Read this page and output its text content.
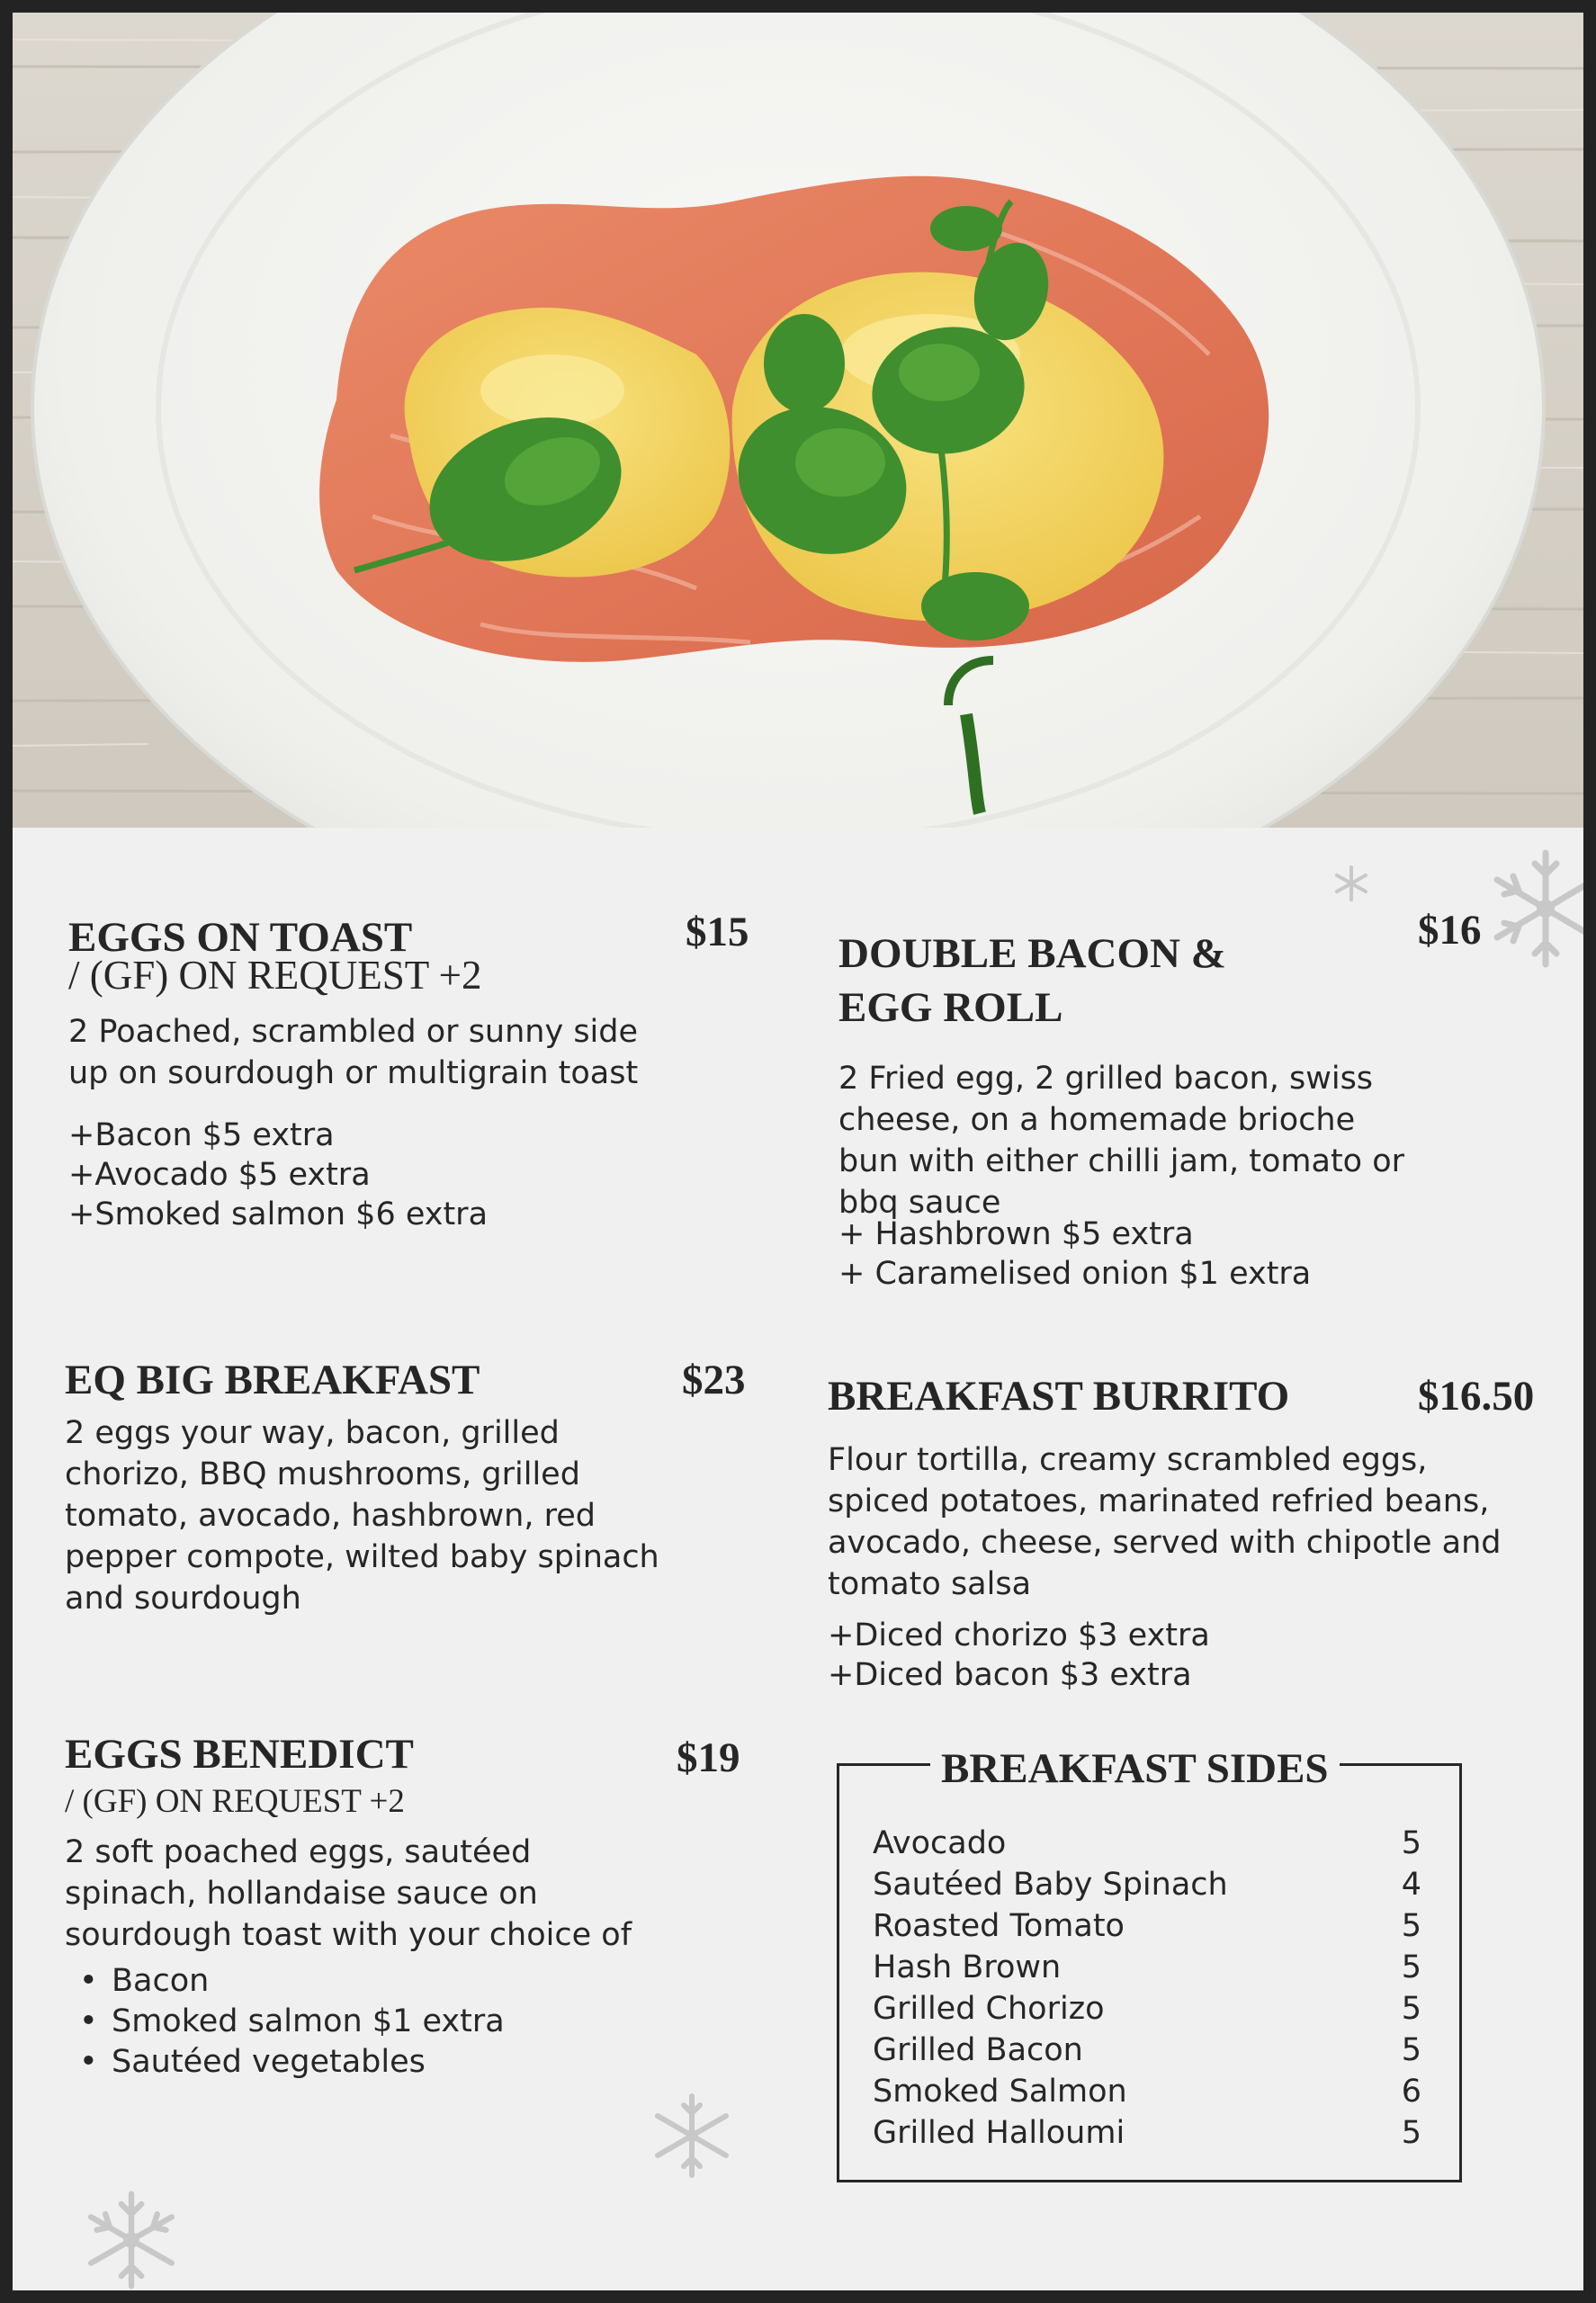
EGGS ON TOAST	$15
/ (GF) ON REQUEST +2
2 Poached, scrambled or sunny side
up on sourdough or multigrain toast
+Bacon $5 extra
+Avocado $5 extra
+Smoked salmon $6 extra
EQ BIG BREAKFAST	$23
2 eggs your way, bacon, grilled
chorizo, BBQ mushrooms, grilled
tomato, avocado, hashbrown, red
pepper compote, wilted baby spinach
and sourdough
EGGS BENEDICT	$19
/ (GF) ON REQUEST +2
2 soft poached eggs, sautéed
spinach, hollandaise sauce on
sourdough toast with your choice of
• Bacon
• Smoked salmon $1 extra
• Sautéed vegetables
DOUBLE BACON &
EGG ROLL
$16
2 Fried egg, 2 grilled bacon, swiss
cheese, on a homemade brioche
bun with either chilli jam, tomato or
bbq sauce
+ Hashbrown $5 extra
+ Caramelised onion $1 extra
BREAKFAST BURRITO	$16.50
Flour tortilla, creamy scrambled eggs,
spiced potatoes, marinated refried beans,
avocado, cheese, served with chipotle and
tomato salsa
+Diced chorizo $3 extra
+Diced bacon $3 extra
BREAKFAST SIDES
Avocado	5
Sautéed Baby Spinach	4
Roasted Tomato	5
Hash Brown	5
Grilled Chorizo	5
Grilled Bacon	5
Smoked Salmon	6
Grilled Halloumi	5
